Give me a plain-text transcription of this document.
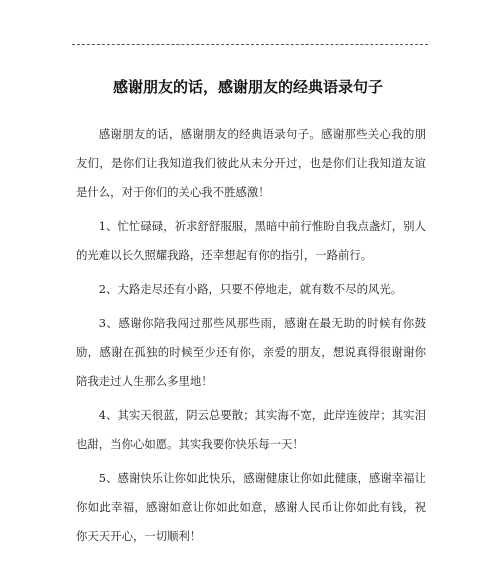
感谢朋友的话，感谢朋友的经典语录句子

感谢朋友的话，感谢朋友的经典语录句子。感谢那些关心我的朋友们，是你们让我知道我们彼此从未分开过，也是你们让我知道友谊是什么，对于你们的关心我不胜感激！

1、忙忙碌碌，祈求舒舒服服，黑暗中前行惟盼自我点盏灯，别人的光难以长久照耀我路，还幸想起有你的指引，一路前行。

2、大路走尽还有小路，只要不停地走，就有数不尽的风光。

3、感谢你陪我闯过那些风那些雨，感谢在最无助的时候有你鼓励，感谢在孤独的时候至少还有你，亲爱的朋友，想说真得很谢谢你陪我走过人生那么多里地！

4、其实天很蓝，阴云总要散；其实海不宽，此岸连彼岸；其实泪也甜，当你心如愿。其实我要你快乐每一天！

5、感谢快乐让你如此快乐，感谢健康让你如此健康，感谢幸福让你如此幸福，感谢如意让你如此如意，感谢人民币让你如此有钱，祝你天天开心，一切顺利！
